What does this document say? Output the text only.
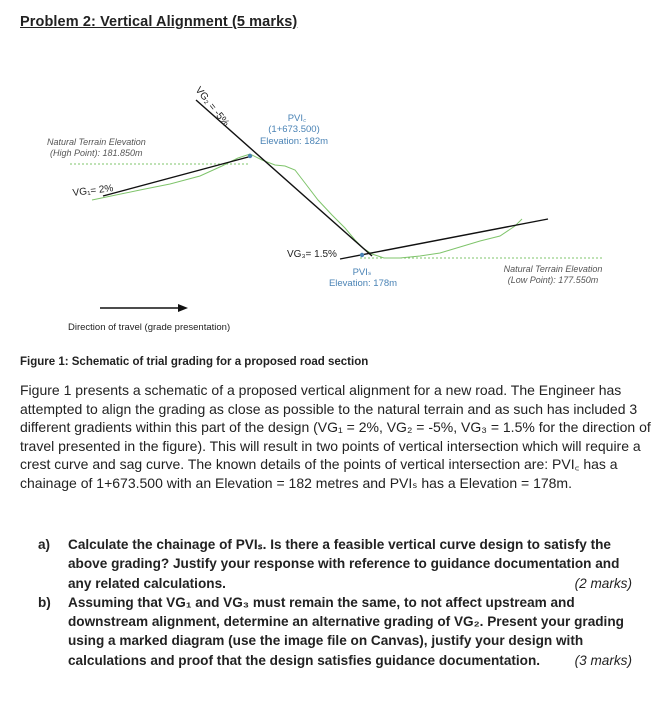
Problem 2: Vertical Alignment (5 marks)
VG₂ = -5%	PVI꜀
(1+673.500)
Elevation: 182m
Natural Terrain Elevation
(High Point): 181.850m
VG₁= 2%
VG₃= 1.5%
PVIₛ
Elevation: 178m
Natural Terrain Elevation
(Low Point): 177.550m
Direction of travel (grade presentation)
Figure 1: Schematic of trial grading for a proposed road section
Figure 1 presents a schematic of a proposed vertical alignment for a new road. The Engineer has attempted to align the grading as close as possible to the natural terrain and as such has included 3 different gradients within this part of the design (VG₁ = 2%, VG₂ = -5%, VG₃ = 1.5% for the direction of travel presented in the figure). This will result in two points of vertical intersection which will require a crest curve and sag curve. The known details of the points of vertical intersection are: PVI꜀ has a chainage of 1+673.500 with an Elevation = 182 metres and PVIₛ has a Elevation = 178m.
a) Calculate the chainage of PVIₛ. Is there a feasible vertical curve design to satisfy the above grading? Justify your response with reference to guidance documentation and any related calculations.	(2 marks)
b) Assuming that VG₁ and VG₃ must remain the same, to not affect upstream and downstream alignment, determine an alternative grading of VG₂. Present your grading using a marked diagram (use the image file on Canvas), justify your design with calculations and proof that the design satisfies guidance documentation.	(3 marks)
